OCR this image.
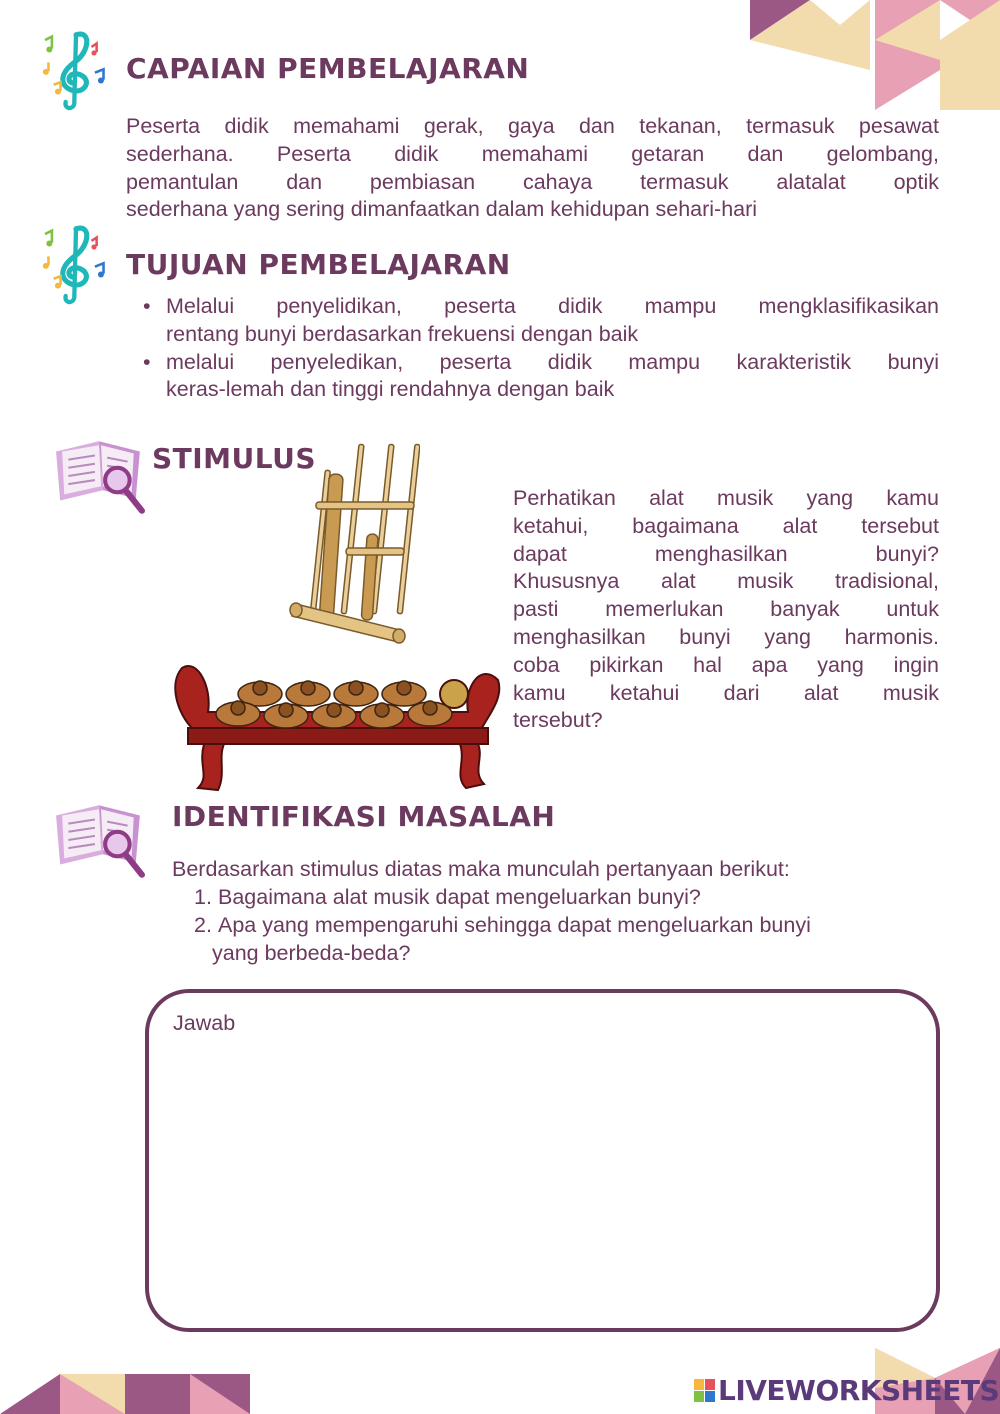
CAPAIAN PEMBELAJARAN
Peserta didik memahami gerak, gaya dan tekanan, termasuk pesawat
sederhana. Peserta didik memahami getaran dan gelombang,
pemantulan dan pembiasan cahaya termasuk alatalat optik
sederhana yang sering dimanfaatkan dalam kehidupan sehari-hari
TUJUAN PEMBELAJARAN
• Melalui penyelidikan, peserta didik mampu mengklasifikasikan
rentang bunyi berdasarkan frekuensi dengan baik
• melalui penyeledikan, peserta didik mampu karakteristik bunyi
keras-lemah dan tinggi rendahnya dengan baik
STIMULUS
Perhatikan alat musik yang kamu
ketahui, bagaimana alat tersebut
dapat menghasilkan bunyi?
Khususnya alat musik tradisional,
pasti memerlukan banyak untuk
menghasilkan bunyi yang harmonis.
coba pikirkan hal apa yang ingin
kamu ketahui dari alat musik
tersebut?
IDENTIFIKASI MASALAH
Berdasarkan stimulus diatas maka munculah pertanyaan berikut:
1. Bagaimana alat musik dapat mengeluarkan bunyi?
2. Apa yang mempengaruhi sehingga dapat mengeluarkan bunyi
yang berbeda-beda?
Jawab
LIVEWORKSHEETS
